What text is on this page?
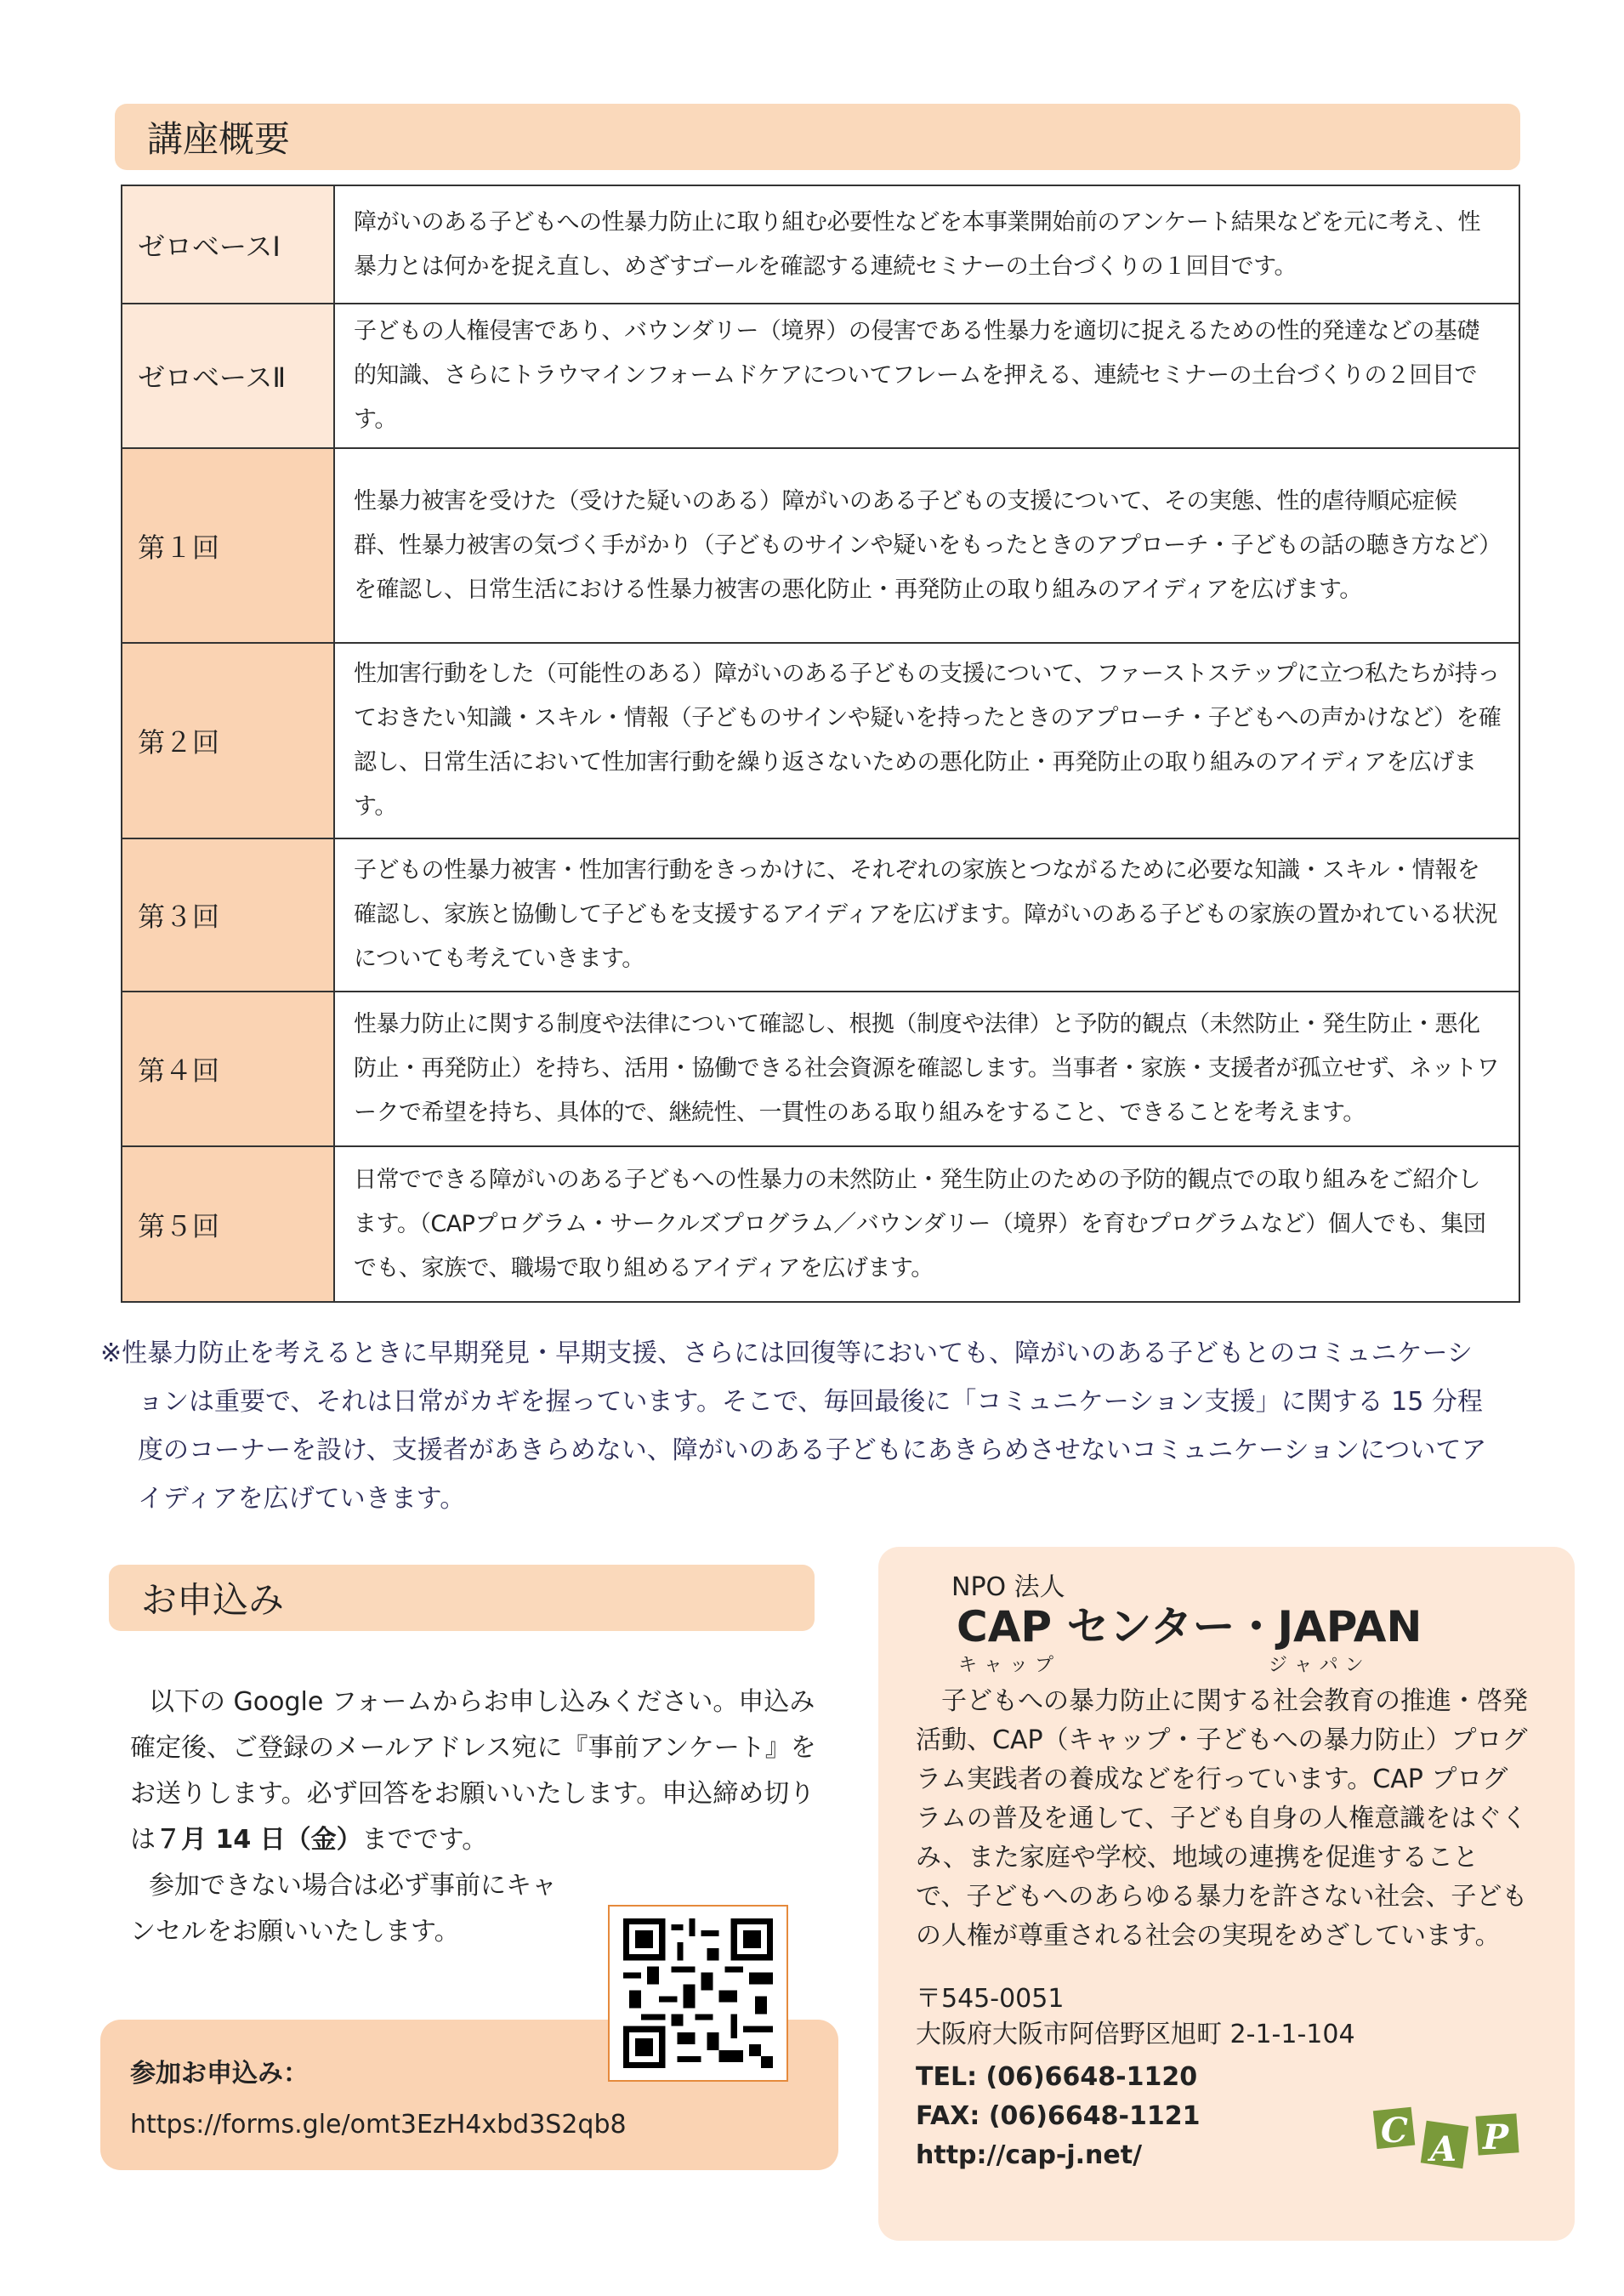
講座概要
ゼロベースⅠ	障がいのある子どもへの性暴力防止に取り組む必要性などを本事業開始前のアンケート結果などを元に考え、性暴力とは何かを捉え直し、めざすゴールを確認する連続セミナーの土台づくりの１回目です。
ゼロベースⅡ	子どもの人権侵害であり、バウンダリー（境界）の侵害である性暴力を適切に捉えるための性的発達などの基礎的知識、さらにトラウマインフォームドケアについてフレームを押える、連続セミナーの土台づくりの２回目です。
第１回	性暴力被害を受けた（受けた疑いのある）障がいのある子どもの支援について、その実態、性的虐待順応症候群、性暴力被害の気づく手がかり（子どものサインや疑いをもったときのアプローチ・子どもの話の聴き方など）を確認し、日常生活における性暴力被害の悪化防止・再発防止の取り組みのアイディアを広げます。
第２回	性加害行動をした（可能性のある）障がいのある子どもの支援について、ファーストステップに立つ私たちが持っておきたい知識・スキル・情報（子どものサインや疑いを持ったときのアプローチ・子どもへの声かけなど）を確認し、日常生活において性加害行動を繰り返さないための悪化防止・再発防止の取り組みのアイディアを広げます。
第３回	子どもの性暴力被害・性加害行動をきっかけに、それぞれの家族とつながるために必要な知識・スキル・情報を確認し、家族と協働して子どもを支援するアイディアを広げます。障がいのある子どもの家族の置かれている状況についても考えていきます。
第４回	性暴力防止に関する制度や法律について確認し、根拠（制度や法律）と予防的観点（未然防止・発生防止・悪化防止・再発防止）を持ち、活用・協働できる社会資源を確認します。当事者・家族・支援者が孤立せず、ネットワークで希望を持ち、具体的で、継続性、一貫性のある取り組みをすること、できることを考えます。
第５回	日常でできる障がいのある子どもへの性暴力の未然防止・発生防止のための予防的観点での取り組みをご紹介します。（CAPプログラム・サークルズプログラム／バウンダリー（境界）を育むプログラムなど）個人でも、集団でも、家族で、職場で取り組めるアイディアを広げます。
※性暴力防止を考えるときに早期発見・早期支援、さらには回復等においても、障がいのある子どもとのコミュニケーションは重要で、それは日常がカギを握っています。そこで、毎回最後に「コミュニケーション支援」に関する 15 分程度のコーナーを設け、支援者があきらめない、障がいのある子どもにあきらめさせないコミュニケーションについてアイディアを広げていきます。
お申込み

以下の Google フォームからお申し込みください。申込み確定後、ご登録のメールアドレス宛に『事前アンケート』をお送りします。必ず回答をお願いいたします。申込締め切りは７月 14 日（金）までです。

参加できない場合は必ず事前にキャンセルをお願いいたします。

参加お申込み：
https://forms.gle/omt3EzH4xbd3S2qb8
NPO 法人
CAP センター・JAPAN
キャップ	ジャパン

子どもへの暴力防止に関する社会教育の推進・啓発活動、CAP（キャップ・子どもへの暴力防止）プログラム実践者の養成などを行っています。CAP プログラムの普及を通して、子ども自身の人権意識をはぐくみ、また家庭や学校、地域の連携を促進することで、子どもへのあらゆる暴力を許さない社会、子どもの人権が尊重される社会の実現をめざしています。

〒545-0051
大阪府大阪市阿倍野区旭町 2-1-1-104
TEL: (06)6648-1120
FAX: (06)6648-1121
http://cap-j.net/
C A P
